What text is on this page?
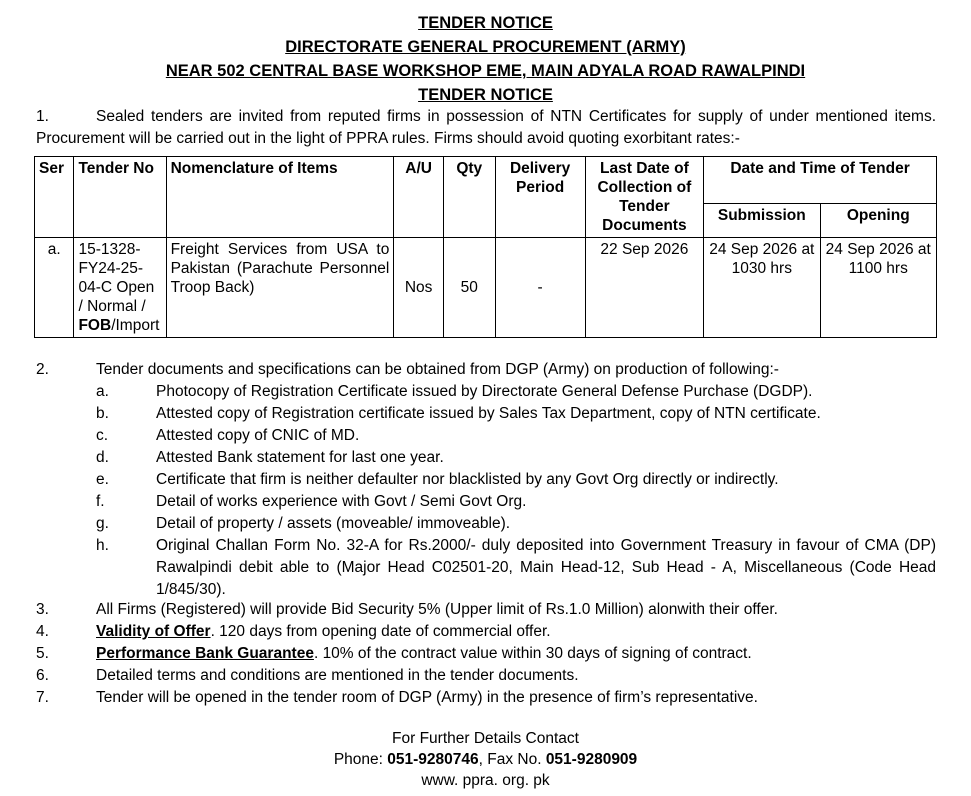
TENDER NOTICE
DIRECTORATE GENERAL PROCUREMENT (ARMY)
NEAR 502 CENTRAL BASE WORKSHOP EME, MAIN ADYALA ROAD RAWALPINDI
TENDER NOTICE
1.	Sealed tenders are invited from reputed firms in possession of NTN Certificates for supply of under mentioned items. Procurement will be carried out in the light of PPRA rules. Firms should avoid quoting exorbitant rates:-
Ser	Tender No	Nomenclature of Items	A/U	Qty	Delivery Period	Last Date of Collection of Tender Documents	Date and Time of Tender	
							Submission	Opening
a.	15-1328-FY24-25-04-C Open / Normal / FOB/Import	Freight Services from USA to Pakistan (Parachute Personnel Troop Back)	Nos	50	-	22 Sep 2026	24 Sep 2026 at 1030 hrs	24 Sep 2026 at 1100 hrs
2.	Tender documents and specifications can be obtained from DGP (Army) on production of following:-
a.	Photocopy of Registration Certificate issued by Directorate General Defense Purchase (DGDP).
b.	Attested copy of Registration certificate issued by Sales Tax Department, copy of NTN certificate.
c.	Attested copy of CNIC of MD.
d.	Attested Bank statement for last one year.
e.	Certificate that firm is neither defaulter nor blacklisted by any Govt Org directly or indirectly.
f.	Detail of works experience with Govt / Semi Govt Org.
g.	Detail of property / assets (moveable/ immoveable).
h.	Original Challan Form No. 32-A for Rs.2000/- duly deposited into Government Treasury in favour of CMA (DP) Rawalpindi debit able to (Major Head C02501-20, Main Head-12, Sub Head - A, Miscellaneous (Code Head 1/845/30).
3.	All Firms (Registered) will provide Bid Security 5% (Upper limit of Rs.1.0 Million) alonwith their offer.
4.	Validity of Offer. 120 days from opening date of commercial offer.
5.	Performance Bank Guarantee. 10% of the contract value within 30 days of signing of contract.
6.	Detailed terms and conditions are mentioned in the tender documents.
7.	Tender will be opened in the tender room of DGP (Army) in the presence of firm’s representative.
For Further Details Contact
Phone: 051-9280746, Fax No. 051-9280909
www. ppra. org. pk
